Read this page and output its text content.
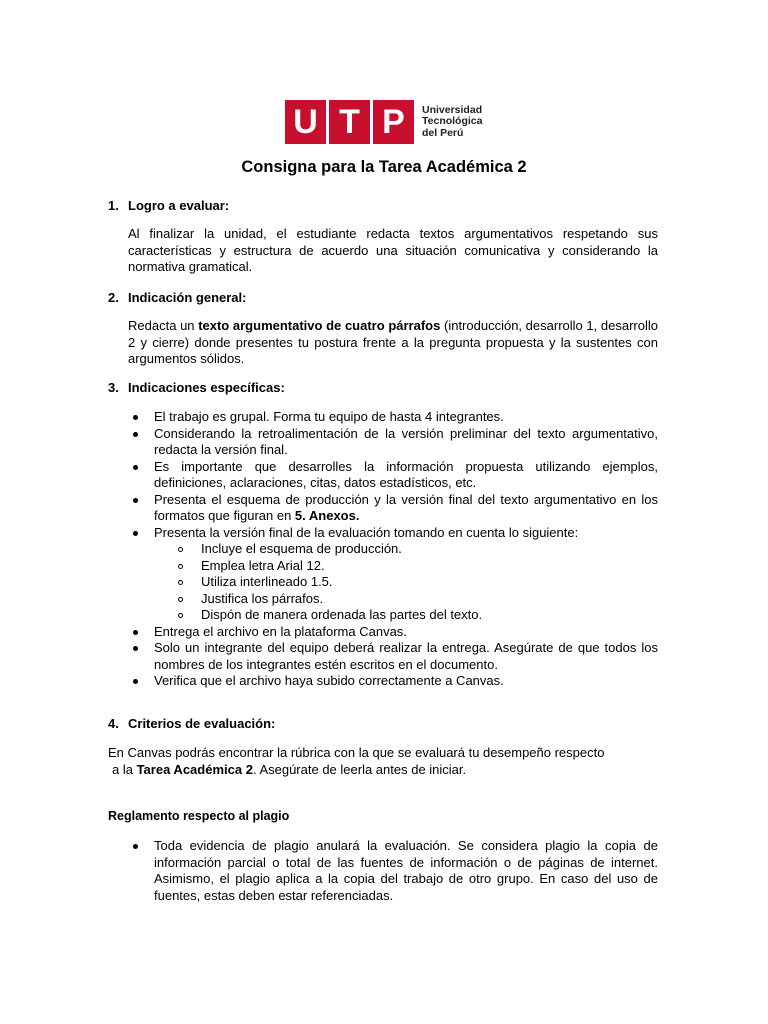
U T P	Universidad
Tecnológica
del Perú
Consigna para la Tarea Académica 2
1. Logro a evaluar:
Al finalizar la unidad, el estudiante redacta textos argumentativos respetando sus características y estructura de acuerdo una situación comunicativa y considerando la normativa gramatical.
2. Indicación general:
Redacta un texto argumentativo de cuatro párrafos (introducción, desarrollo 1, desarrollo 2 y cierre) donde presentes tu postura frente a la pregunta propuesta y la sustentes con argumentos sólidos.
3. Indicaciones específicas:
El trabajo es grupal. Forma tu equipo de hasta 4 integrantes.
Considerando la retroalimentación de la versión preliminar del texto argumentativo, redacta la versión final.
Es importante que desarrolles la información propuesta utilizando ejemplos, definiciones, aclaraciones, citas, datos estadísticos, etc.
Presenta el esquema de producción y la versión final del texto argumentativo en los formatos que figuran en 5. Anexos.
Presenta la versión final de la evaluación tomando en cuenta lo siguiente:
Incluye el esquema de producción.
Emplea letra Arial 12.
Utiliza interlineado 1.5.
Justifica los párrafos.
Dispón de manera ordenada las partes del texto.
Entrega el archivo en la plataforma Canvas.
Solo un integrante del equipo deberá realizar la entrega. Asegúrate de que todos los nombres de los integrantes estén escritos en el documento.
Verifica que el archivo haya subido correctamente a Canvas.
4. Criterios de evaluación:
En Canvas podrás encontrar la rúbrica con la que se evaluará tu desempeño respecto
a la Tarea Académica 2. Asegúrate de leerla antes de iniciar.
Reglamento respecto al plagio
Toda evidencia de plagio anulará la evaluación. Se considera plagio la copia de información parcial o total de las fuentes de información o de páginas de internet. Asimismo, el plagio aplica a la copia del trabajo de otro grupo. En caso del uso de fuentes, estas deben estar referenciadas.
